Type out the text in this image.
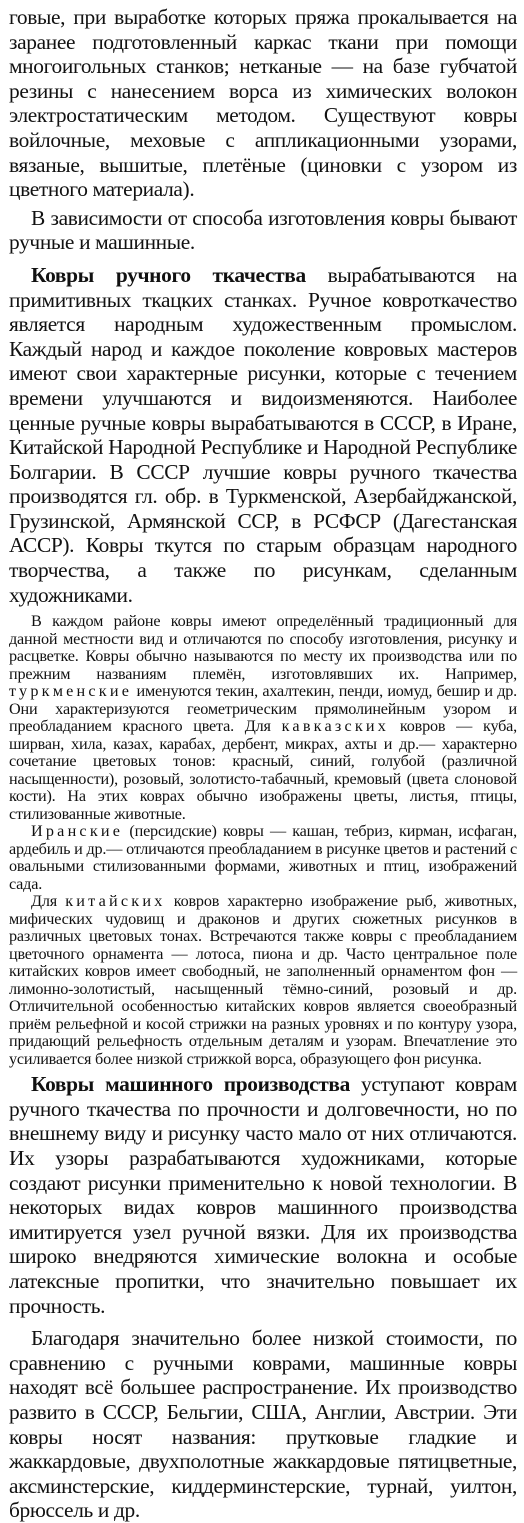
говые, при выработке которых пряжа прокалывается на заранее подготовленный каркас ткани при помощи многоигольных станков; нетканые — на базе губчатой резины с нанесением ворса из химических волокон электростатическим методом. Существуют ковры войлочные, меховые с аппликационными узорами, вязаные, вышитые, плетёные (циновки с узором из цветного материала).

В зависимости от способа изготовления ковры бывают ручные и машинные.

Ковры ручного ткачества вырабатываются на примитивных ткацких станках. Ручное ковроткачество является народным художественным промыслом. Каждый народ и каждое поколение ковровых мастеров имеют свои характерные рисунки, которые с течением времени улучшаются и видоизменяются. Наиболее ценные ручные ковры вырабатываются в СССР, в Иране, Китайской Народной Республике и Народной Республике Болгарии. В СССР лучшие ковры ручного ткачества производятся гл. обр. в Туркменской, Азербайджанской, Грузинской, Армянской ССР, в РСФСР (Дагестанская АССР). Ковры ткутся по старым образцам народного творчества, а также по рисункам, сделанным художниками.

В каждом районе ковры имеют определённый традиционный для данной местности вид и отличаются по способу изготовления, рисунку и расцветке. Ковры обычно называются по месту их производства или по прежним названиям племён, изготовлявших их. Например, туркменские именуются текин, ахалтекин, пенди, иомуд, бешир и др. Они характеризуются геометрическим прямолинейным узором и преобладанием красного цвета. Для кавказских ковров — куба, ширван, хила, казах, карабах, дербент, микрах, ахты и др.— характерно сочетание цветовых тонов: красный, синий, голубой (различной насыщенности), розовый, золотисто-табачный, кремовый (цвета слоновой кости). На этих коврах обычно изображены цветы, листья, птицы, стилизованные животные.

Иранские (персидские) ковры — кашан, тебриз, кирман, исфаган, ардебиль и др.— отличаются преобладанием в рисунке цветов и растений с овальными стилизованными формами, животных и птиц, изображений сада.

Для китайских ковров характерно изображение рыб, животных, мифических чудовищ и драконов и других сюжетных рисунков в различных цветовых тонах. Встречаются также ковры с преобладанием цветочного орнамента — лотоса, пиона и др. Часто центральное поле китайских ковров имеет свободный, не заполненный орнаментом фон — лимонно-золотистый, насыщенный тёмно-синий, розовый и др. Отличительной особенностью китайских ковров является своеобразный приём рельефной и косой стрижки на разных уровнях и по контуру узора, придающий рельефность отдельным деталям и узорам. Впечатление это усиливается более низкой стрижкой ворса, образующего фон рисунка.

Ковры машинного производства уступают коврам ручного ткачества по прочности и долговечности, но по внешнему виду и рисунку часто мало от них отличаются. Их узоры разрабатываются художниками, которые создают рисунки применительно к новой технологии. В некоторых видах ковров машинного производства имитируется узел ручной вязки. Для их производства широко внедряются химические волокна и особые латексные пропитки, что значительно повышает их прочность.

Благодаря значительно более низкой стоимости, по сравнению с ручными коврами, машинные ковры находят всё большее распространение. Их производство развито в СССР, Бельгии, США, Англии, Австрии. Эти ковры носят названия: прутковые гладкие и жаккардовые, двухполотные жаккардовые пятицветные, аксминстерские, киддерминстерские, турнай, уилтон, брюссель и др.
